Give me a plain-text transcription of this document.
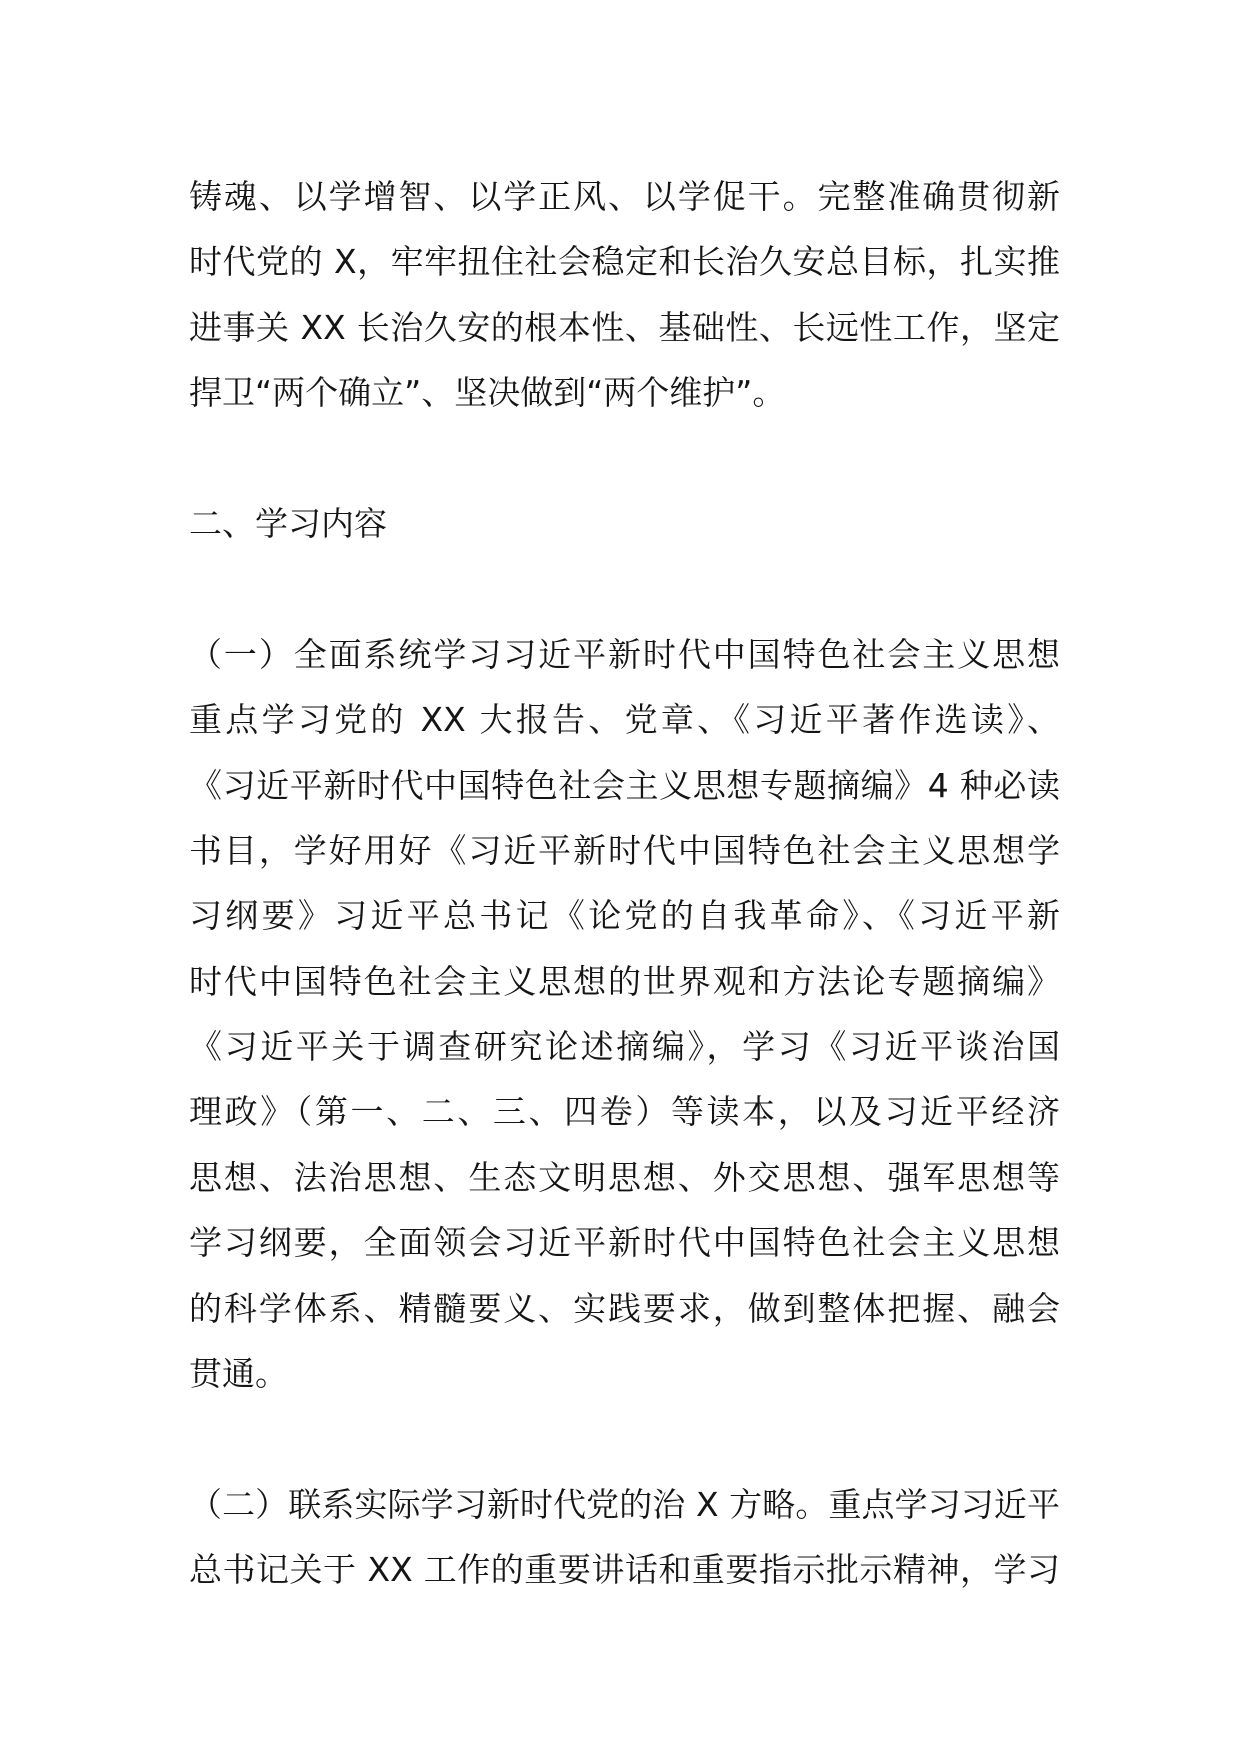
铸魂、以学增智、以学正风、以学促干。完整准确贯彻新
时代党的 X，牢牢扭住社会稳定和长治久安总目标，扎实推
进事关 XX 长治久安的根本性、基础性、长远性工作，坚定
捍卫“两个确立”、坚决做到“两个维护”。
二、学习内容
（一）全面系统学习习近平新时代中国特色社会主义思想
重点学习党的 XX 大报告、党章、《习近平著作选读》、
《习近平新时代中国特色社会主义思想专题摘编》4 种必读
书目，学好用好《习近平新时代中国特色社会主义思想学
习纲要》习近平总书记《论党的自我革命》、《习近平新
时代中国特色社会主义思想的世界观和方法论专题摘编》
《习近平关于调查研究论述摘编》，学习《习近平谈治国
理政》（第一、二、三、四卷）等读本，以及习近平经济
思想、法治思想、生态文明思想、外交思想、强军思想等
学习纲要，全面领会习近平新时代中国特色社会主义思想
的科学体系、精髓要义、实践要求，做到整体把握、融会
贯通。
（二）联系实际学习新时代党的治 X 方略。重点学习习近平
总书记关于 XX 工作的重要讲话和重要指示批示精神，学习
